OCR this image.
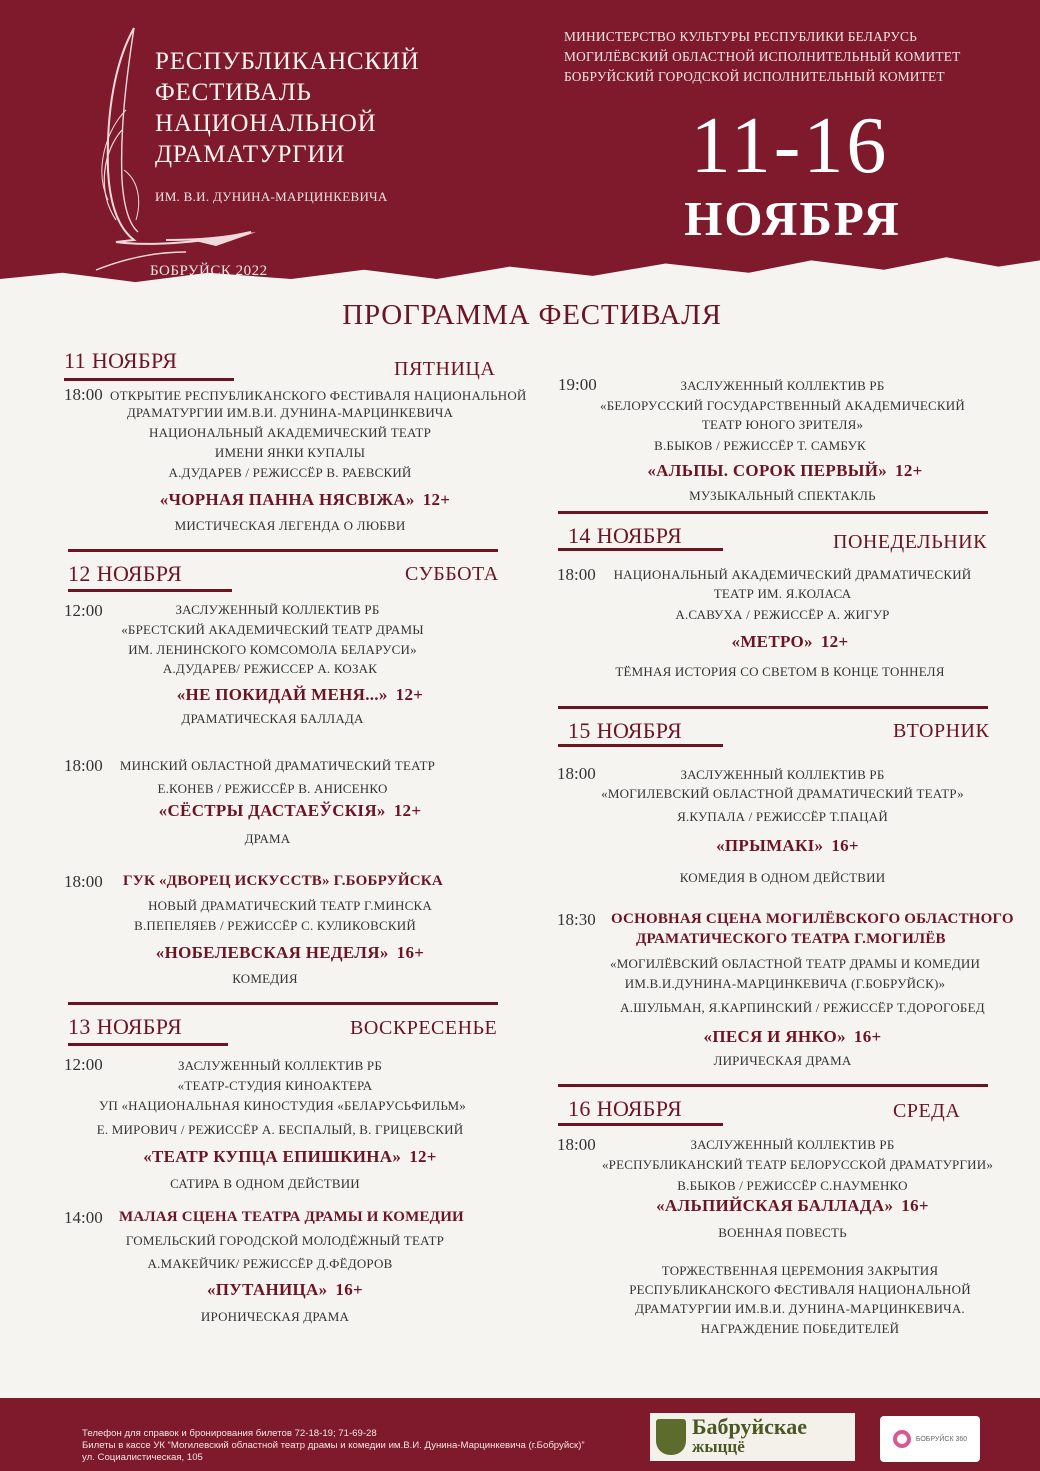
РЕСПУБЛИКАНСКИЙ
ФЕСТИВАЛЬ
НАЦИОНАЛЬНОЙ
ДРАМАТУРГИИ
ИМ. В.И. ДУНИНА-МАРЦИНКЕВИЧА
БОБРУЙСК 2022
МИНИСТЕРСТВО КУЛЬТУРЫ РЕСПУБЛИКИ БЕЛАРУСЬ
МОГИЛЁВСКИЙ ОБЛАСТНОЙ ИСПОЛНИТЕЛЬНЫЙ КОМИТЕТ
БОБРУЙСКИЙ ГОРОДСКОЙ ИСПОЛНИТЕЛЬНЫЙ КОМИТЕТ
11-16
НОЯБРЯ
ПРОГРАММА ФЕСТИВАЛЯ
11 НОЯБРЯ	ПЯТНИЦА
18:00 ОТКРЫТИЕ РЕСПУБЛИКАНСКОГО ФЕСТИВАЛЯ НАЦИОНАЛЬНОЙ
ДРАМАТУРГИИ ИМ.В.И. ДУНИНА-МАРЦИНКЕВИЧА
НАЦИОНАЛЬНЫЙ АКАДЕМИЧЕСКИЙ ТЕАТР
ИМЕНИ ЯНКИ КУПАЛЫ
А.ДУДАРЕВ / РЕЖИССЁР В. РАЕВСКИЙ
«ЧОРНАЯ ПАННА НЯСВІЖА» 12+
МИСТИЧЕСКАЯ ЛЕГЕНДА О ЛЮБВИ
12 НОЯБРЯ	СУББОТА
12:00	ЗАСЛУЖЕННЫЙ КОЛЛЕКТИВ РБ
«БРЕСТСКИЙ АКАДЕМИЧЕСКИЙ ТЕАТР ДРАМЫ
ИМ. ЛЕНИНСКОГО КОМСОМОЛА БЕЛАРУСИ»
А.ДУДАРЕВ/ РЕЖИССЕР А. КОЗАК
«НЕ ПОКИДАЙ МЕНЯ...» 12+
ДРАМАТИЧЕСКАЯ БАЛЛАДА
18:00	МИНСКИЙ ОБЛАСТНОЙ ДРАМАТИЧЕСКИЙ ТЕАТР
Е.КОНЕВ / РЕЖИССЁР В. АНИСЕНКО
«СЁСТРЫ ДАСТАЕЎСКІЯ» 12+
ДРАМА
18:00 ГУК «ДВОРЕЦ ИСКУССТВ» Г.БОБРУЙСКА
НОВЫЙ ДРАМАТИЧЕСКИЙ ТЕАТР Г.МИНСКА
В.ПЕПЕЛЯЕВ / РЕЖИССЁР С. КУЛИКОВСКИЙ
«НОБЕЛЕВСКАЯ НЕДЕЛЯ» 16+
КОМЕДИЯ
13 НОЯБРЯ	ВОСКРЕСЕНЬЕ
12:00	ЗАСЛУЖЕННЫЙ КОЛЛЕКТИВ РБ
«ТЕАТР-СТУДИЯ КИНОАКТЕРА
УП «НАЦИОНАЛЬНАЯ КИНОСТУДИЯ «БЕЛАРУСЬФИЛЬМ»
Е. МИРОВИЧ / РЕЖИССЁР А. БЕСПАЛЫЙ, В. ГРИЦЕВСКИЙ
«ТЕАТР КУПЦА ЕПИШКИНА» 12+
САТИРА В ОДНОМ ДЕЙСТВИИ
14:00 МАЛАЯ СЦЕНА ТЕАТРА ДРАМЫ И КОМЕДИИ
ГОМЕЛЬСКИЙ ГОРОДСКОЙ МОЛОДЁЖНЫЙ ТЕАТР
А.МАКЕЙЧИК/ РЕЖИССЁР Д.ФЁДОРОВ
«ПУТАНИЦА» 16+
ИРОНИЧЕСКАЯ ДРАМА
19:00	ЗАСЛУЖЕННЫЙ КОЛЛЕКТИВ РБ
«БЕЛОРУССКИЙ ГОСУДАРСТВЕННЫЙ АКАДЕМИЧЕСКИЙ
ТЕАТР ЮНОГО ЗРИТЕЛЯ»
В.БЫКОВ / РЕЖИССЁР Т. САМБУК
«АЛЬПЫ. СОРОК ПЕРВЫЙ» 12+
МУЗЫКАЛЬНЫЙ СПЕКТАКЛЬ
14 НОЯБРЯ	ПОНЕДЕЛЬНИК
18:00 НАЦИОНАЛЬНЫЙ АКАДЕМИЧЕСКИЙ ДРАМАТИЧЕСКИЙ
ТЕАТР ИМ. Я.КОЛАСА
А.САВУХА / РЕЖИССЁР А. ЖИГУР
«МЕТРО» 12+
ТЁМНАЯ ИСТОРИЯ СО СВЕТОМ В КОНЦЕ ТОННЕЛЯ
15 НОЯБРЯ	ВТОРНИК
18:00	ЗАСЛУЖЕННЫЙ КОЛЛЕКТИВ РБ
«МОГИЛЕВСКИЙ ОБЛАСТНОЙ ДРАМАТИЧЕСКИЙ ТЕАТР»
Я.КУПАЛА / РЕЖИССЁР Т.ПАЦАЙ
«ПРЫМАКІ» 16+
КОМЕДИЯ В ОДНОМ ДЕЙСТВИИ
18:30 ОСНОВНАЯ СЦЕНА МОГИЛЁВСКОГО ОБЛАСТНОГО
ДРАМАТИЧЕСКОГО ТЕАТРА Г.МОГИЛЁВ
«МОГИЛЁВСКИЙ ОБЛАСТНОЙ ТЕАТР ДРАМЫ И КОМЕДИИ
ИМ.В.И.ДУНИНА-МАРЦИНКЕВИЧА (Г.БОБРУЙСК)»
А.ШУЛЬМАН, Я.КАРПИНСКИЙ / РЕЖИССЁР Т.ДОРОГОБЕД
«ПЕСЯ И ЯНКО» 16+
ЛИРИЧЕСКАЯ ДРАМА
16 НОЯБРЯ	СРЕДА
18:00	ЗАСЛУЖЕННЫЙ КОЛЛЕКТИВ РБ
«РЕСПУБЛИКАНСКИЙ ТЕАТР БЕЛОРУССКОЙ ДРАМАТУРГИИ»
В.БЫКОВ / РЕЖИССЁР С.НАУМЕНКО
«АЛЬПИЙСКАЯ БАЛЛАДА» 16+
ВОЕННАЯ ПОВЕСТЬ
ТОРЖЕСТВЕННАЯ ЦЕРЕМОНИЯ ЗАКРЫТИЯ
РЕСПУБЛИКАНСКОГО ФЕСТИВАЛЯ НАЦИОНАЛЬНОЙ
ДРАМАТУРГИИ ИМ.В.И. ДУНИНА-МАРЦИНКЕВИЧА.
НАГРАЖДЕНИЕ ПОБЕДИТЕЛЕЙ
Телефон для справок и бронирования билетов 72-18-19; 71-69-28
Билеты в кассе УК “Могилевский областной театр драмы и комедии им.В.И. Дунина-Марцинкевича (г.Бобруйск)”
ул. Социалистическая, 105
Бабруйскае
жыццё	БОБРУЙСК 360
